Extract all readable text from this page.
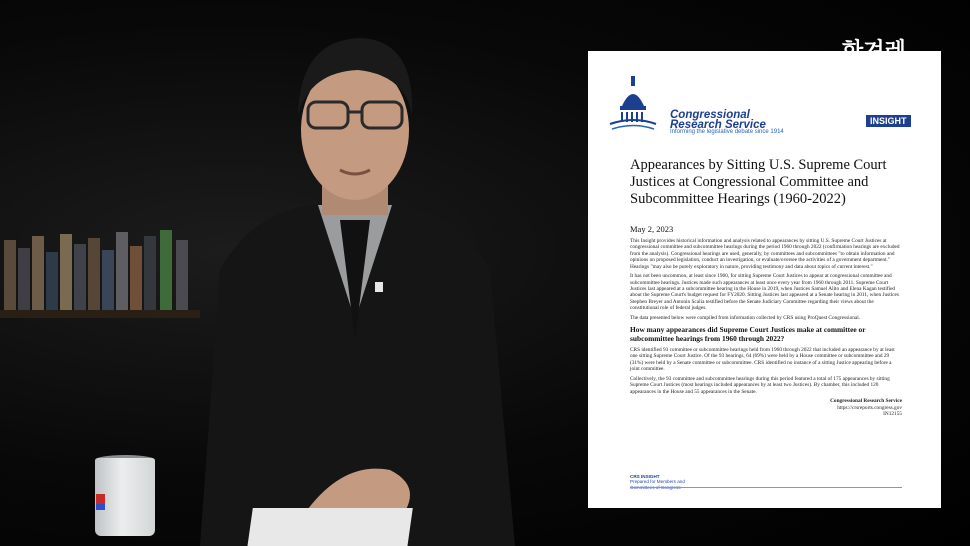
Congressional
Research Service
Informing the legislative debate since 1914
INSIGHT
Appearances by Sitting U.S. Supreme Court Justices at Congressional Committee and Subcommittee Hearings (1960-2022)
May 2, 2023

This Insight provides historical information and analysis related to appearances by sitting U.S. Supreme Court Justices at congressional committee and subcommittee hearings during the period 1960 through 2022 (confirmation hearings are excluded from the analysis). Congressional hearings are used, generally, by committees and subcommittees "to obtain information and opinions on proposed legislation, conduct an investigation, or evaluate/oversee the activities of a government department." Hearings "may also be purely exploratory in nature, providing testimony and data about topics of current interest."

It has not been uncommon, at least since 1960, for sitting Supreme Court Justices to appear at congressional committee and subcommittee hearings. Justices made such appearances at least once every year from 1960 through 2011. Supreme Court Justices last appeared at a subcommittee hearing in the House in 2019, when Justices Samuel Alito and Elena Kagan testified about the Supreme Court's budget request for FY2020. Sitting Justices last appeared at a Senate hearing in 2011, when Justices Stephen Breyer and Antonin Scalia testified before the Senate Judiciary Committee regarding their views about the constitutional role of federal judges.

The data presented below were compiled from information collected by CRS using ProQuest Congressional.

How many appearances did Supreme Court Justices make at committee or subcommittee hearings from 1960 through 2022?

CRS identified 93 committee or subcommittee hearings held from 1960 through 2022 that included an appearance by at least one sitting Supreme Court Justice. Of the 93 hearings, 64 (69%) were held by a House committee or subcommittee and 29 (31%) were held by a Senate committee or subcommittee. CRS identified no instance of a sitting Justice appearing before a joint committee.

Collectively, the 93 committee and subcommittee hearings during this period featured a total of 175 appearances by sitting Supreme Court Justices (most hearings included appearances by at least two Justices). By chamber, this included 120 appearances in the House and 55 appearances in the Senate.

Congressional Research Service
https://crsreports.congress.gov
IN12155
CRS INSIGHT
Prepared for Members and
